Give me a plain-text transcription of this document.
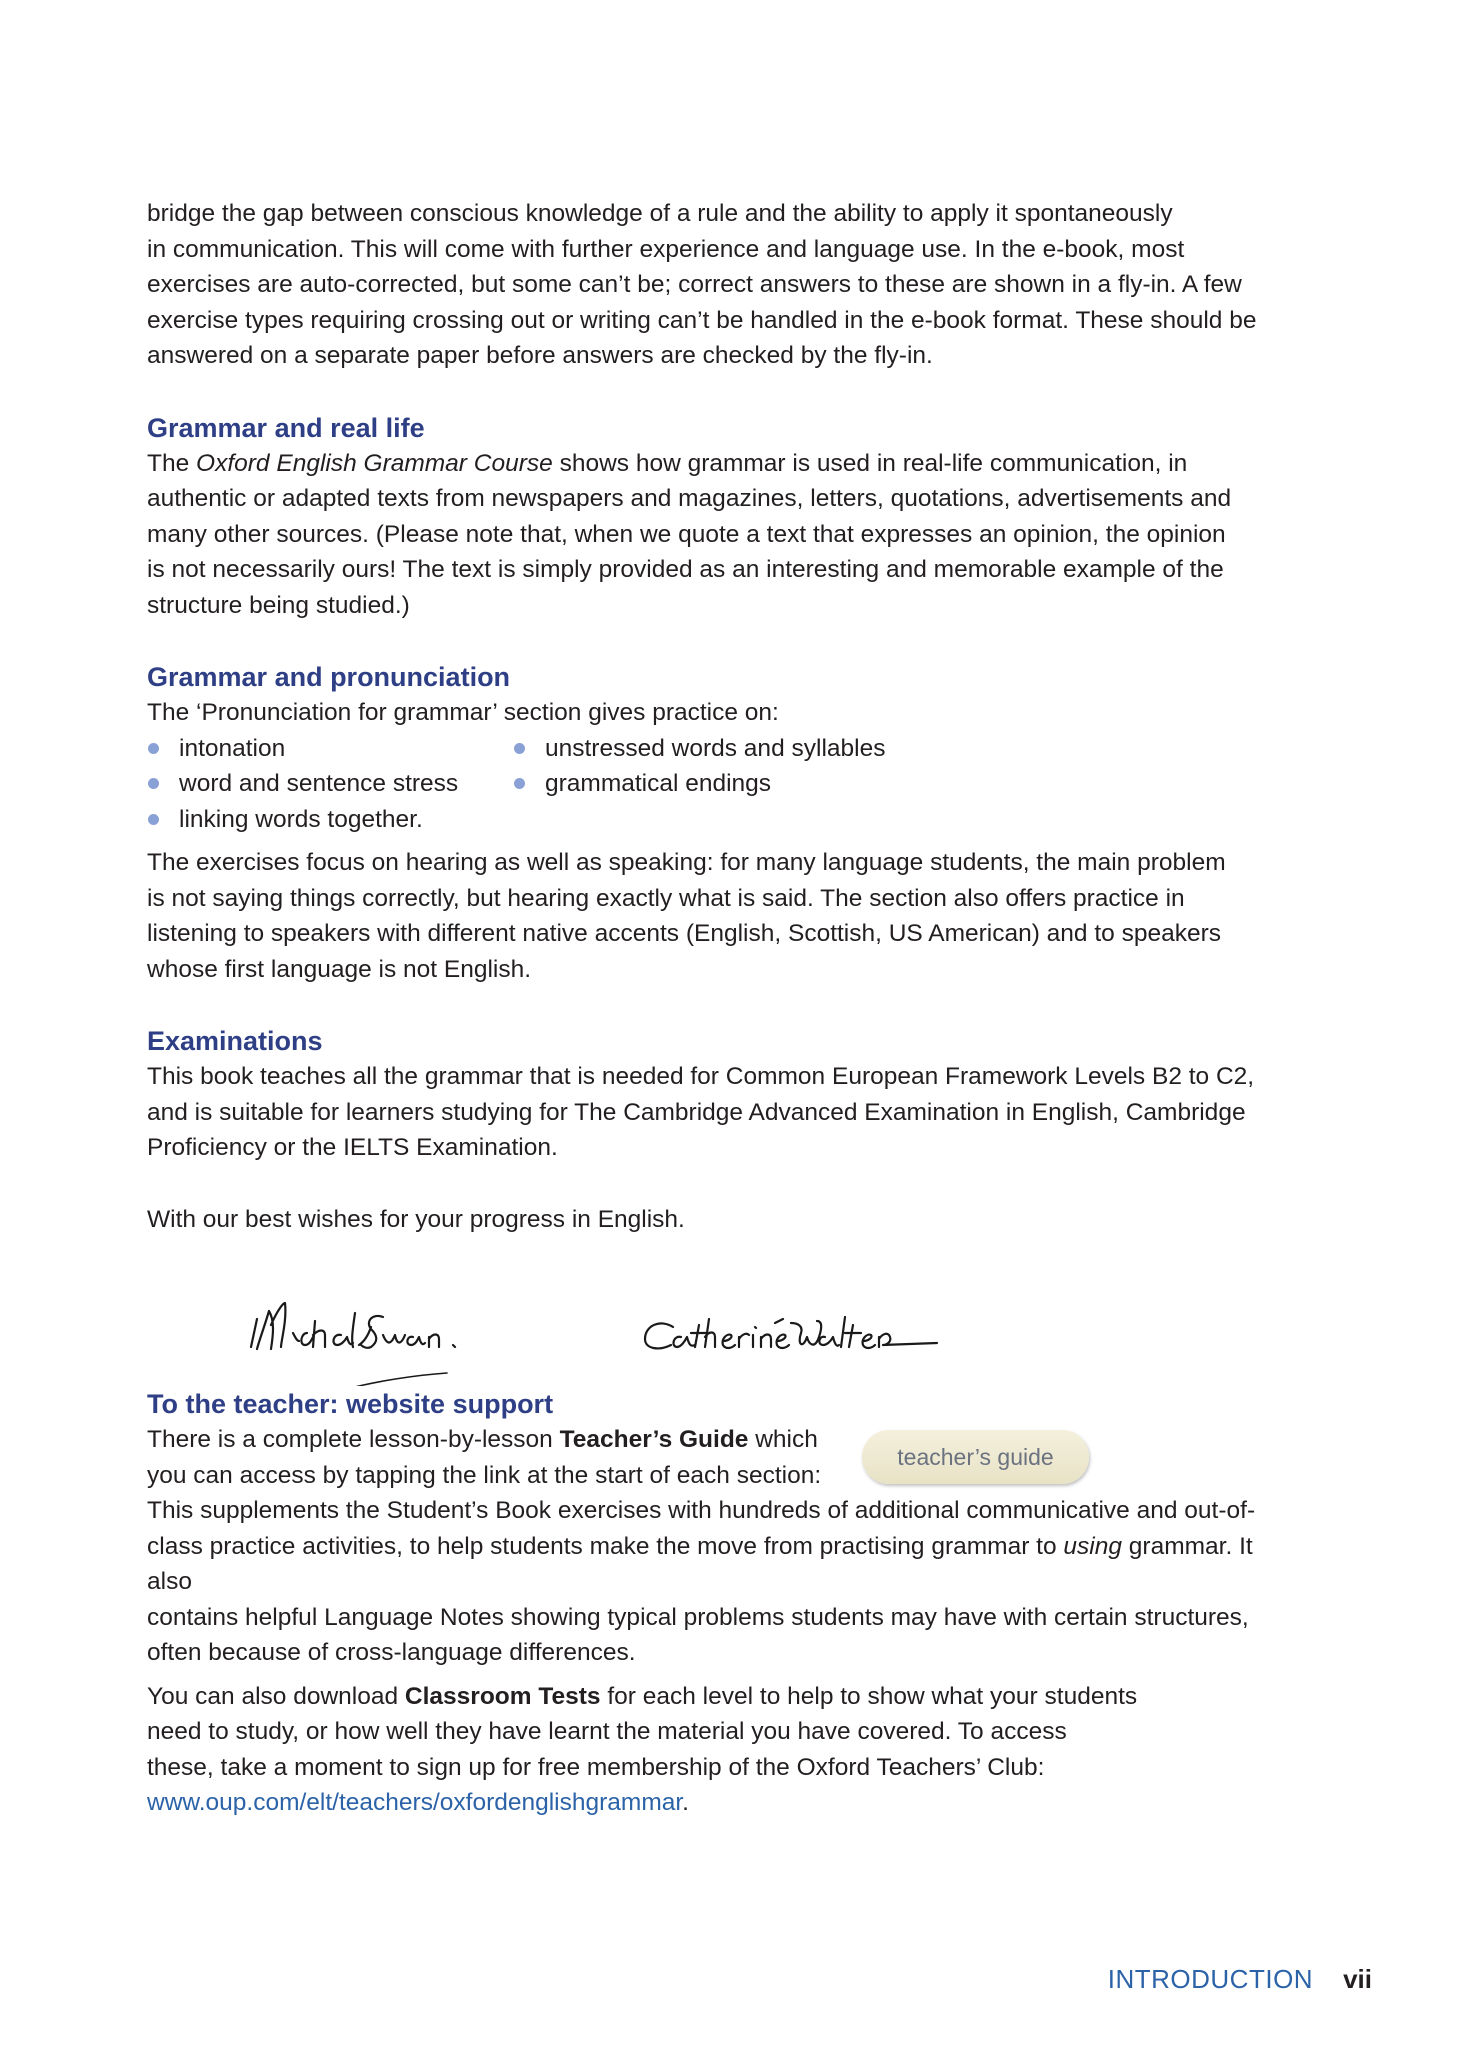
bridge the gap between conscious knowledge of a rule and the ability to apply it spontaneously

in communication. This will come with further experience and language use. In the e-book, most

exercises are auto-corrected, but some can’t be; correct answers to these are shown in a fly-in. A few

exercise types requiring crossing out or writing can’t be handled in the e-book format. These should be

answered on a separate paper before answers are checked by the fly-in.

Grammar and real life

The Oxford English Grammar Course shows how grammar is used in real-life communication, in

authentic or adapted texts from newspapers and magazines, letters, quotations, advertisements and

many other sources. (Please note that, when we quote a text that expresses an opinion, the opinion

is not necessarily ours! The text is simply provided as an interesting and memorable example of the

structure being studied.)

Grammar and pronunciation

The ‘Pronunciation for grammar’ section gives practice on:

intonation	unstressed words and syllables
word and sentence stress	grammatical endings
linking words together.

The exercises focus on hearing as well as speaking: for many language students, the main problem

is not saying things correctly, but hearing exactly what is said. The section also offers practice in

listening to speakers with different native accents (English, Scottish, US American) and to speakers

whose first language is not English.

Examinations

This book teaches all the grammar that is needed for Common European Framework Levels B2 to C2,

and is suitable for learners studying for The Cambridge Advanced Examination in English, Cambridge

Proficiency or the IELTS Examination.

With our best wishes for your progress in English.

To the teacher: website support

There is a complete lesson-by-lesson Teacher’s Guide which

you can access by tapping the link at the start of each section:

teacher’s guide

This supplements the Student’s Book exercises with hundreds of additional communicative and out-of-

class practice activities, to help students make the move from practising grammar to using grammar. It also

contains helpful Language Notes showing typical problems students may have with certain structures,

often because of cross-language differences.

You can also download Classroom Tests for each level to help to show what your students

need to study, or how well they have learnt the material you have covered. To access

these, take a moment to sign up for free membership of the Oxford Teachers’ Club:

www.oup.com/elt/teachers/oxfordenglishgrammar.

INTRODUCTION vii
